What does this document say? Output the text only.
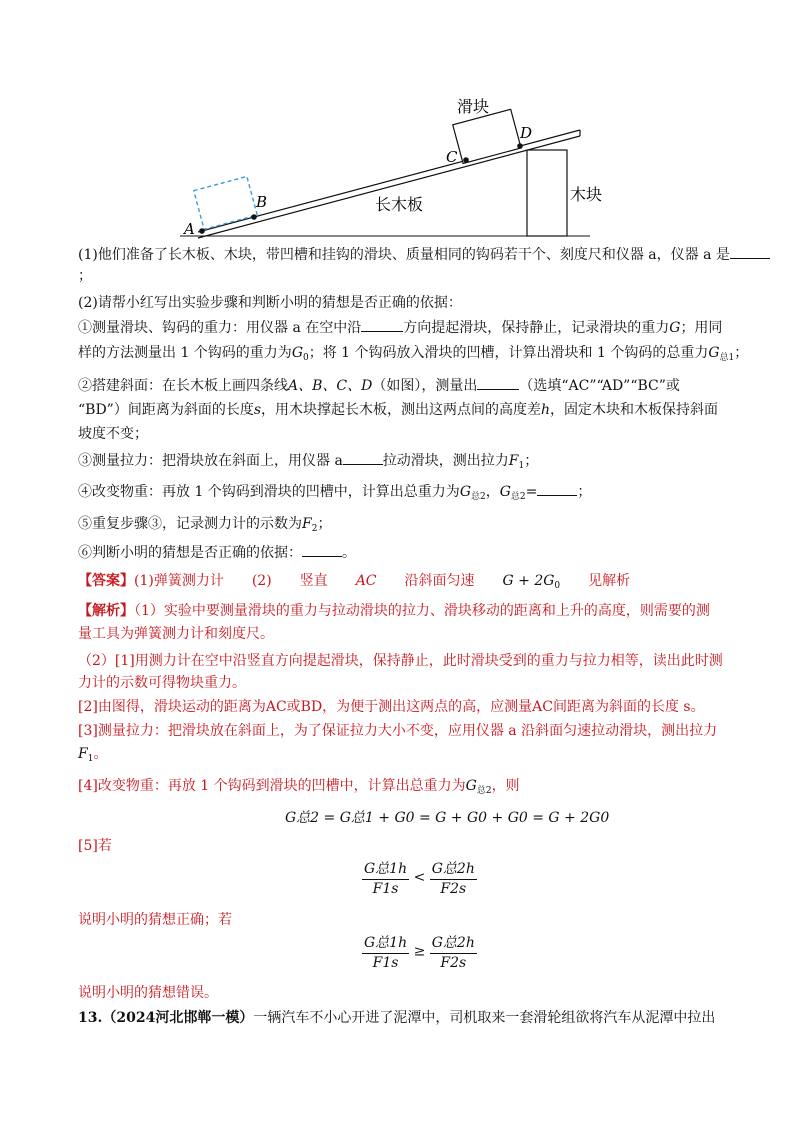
A
B
C
D
滑块
长木板
木块
(1)他们准备了长木板、木块，带凹槽和挂钩的滑块、质量相同的钩码若干个、刻度尺和仪器 a，仪器 a 是
；
(2)请帮小红写出实验步骤和判断小明的猜想是否正确的依据：
①测量滑块、钩码的重力：用仪器 a 在空中沿	方向提起滑块，保持静止，记录滑块的重力G；用同
样的方法测量出 1 个钩码的重力为$G_0$；将 1 个钩码放入滑块的凹槽，计算出滑块和 1 个钩码的总重力$G_{总1}$；
②搭建斜面：在长木板上画四条线A、B、C、D（如图），测量出	（选填“AC”“AD”“BC”或
“BD”）间距离为斜面的长度s，用木块撑起长木板，测出这两点间的高度差h，固定木块和木板保持斜面
坡度不变；
③测量拉力：把滑块放在斜面上，用仪器 a	拉动滑块，测出拉力$F_1$；
④改变物重：再放 1 个钩码到滑块的凹槽中，计算出总重力为$G_{总2}$，$G_{总2}=$	；
⑤重复步骤③，记录测力计的示数为$F_2$；
⑥判断小明的猜想是否正确的依据：	。
【答案】(1)弹簧测力计 (2) 竖直 AC 沿斜面匀速 $G + 2G_0$ 见解析
【解析】（1）实验中要测量滑块的重力与拉动滑块的拉力、滑块移动的距离和上升的高度，则需要的测
量工具为弹簧测力计和刻度尺。
（2）[1]用测力计在空中沿竖直方向提起滑块，保持静止，此时滑块受到的重力与拉力相等，读出此时测
力计的示数可得物块重力。
[2]由图得，滑块运动的距离为AC或BD，为便于测出这两点的高，应测量AC间距离为斜面的长度 s。
[3]测量拉力：把滑块放在斜面上，为了保证拉力大小不变，应用仪器 a 沿斜面匀速拉动滑块，测出拉力
$F_1$。
[4]改变物重：再放 1 个钩码到滑块的凹槽中，计算出总重力为$G_{总2}$，则
G总2 = G总1 + G0 = G + G0 + G0 = G + 2G0
[5]若
$\frac{\text{G总1h}}{F1s} < \frac{\text{G总2h}}{F2s}$
说明小明的猜想正确；若
$\frac{\text{G总1h}}{F1s} \ge \frac{\text{G总2h}}{F2s}$
说明小明的猜想错误。
13.（2024河北邯郸一模）一辆汽车不小心开进了泥潭中，司机取来一套滑轮组欲将汽车从泥潭中拉出
